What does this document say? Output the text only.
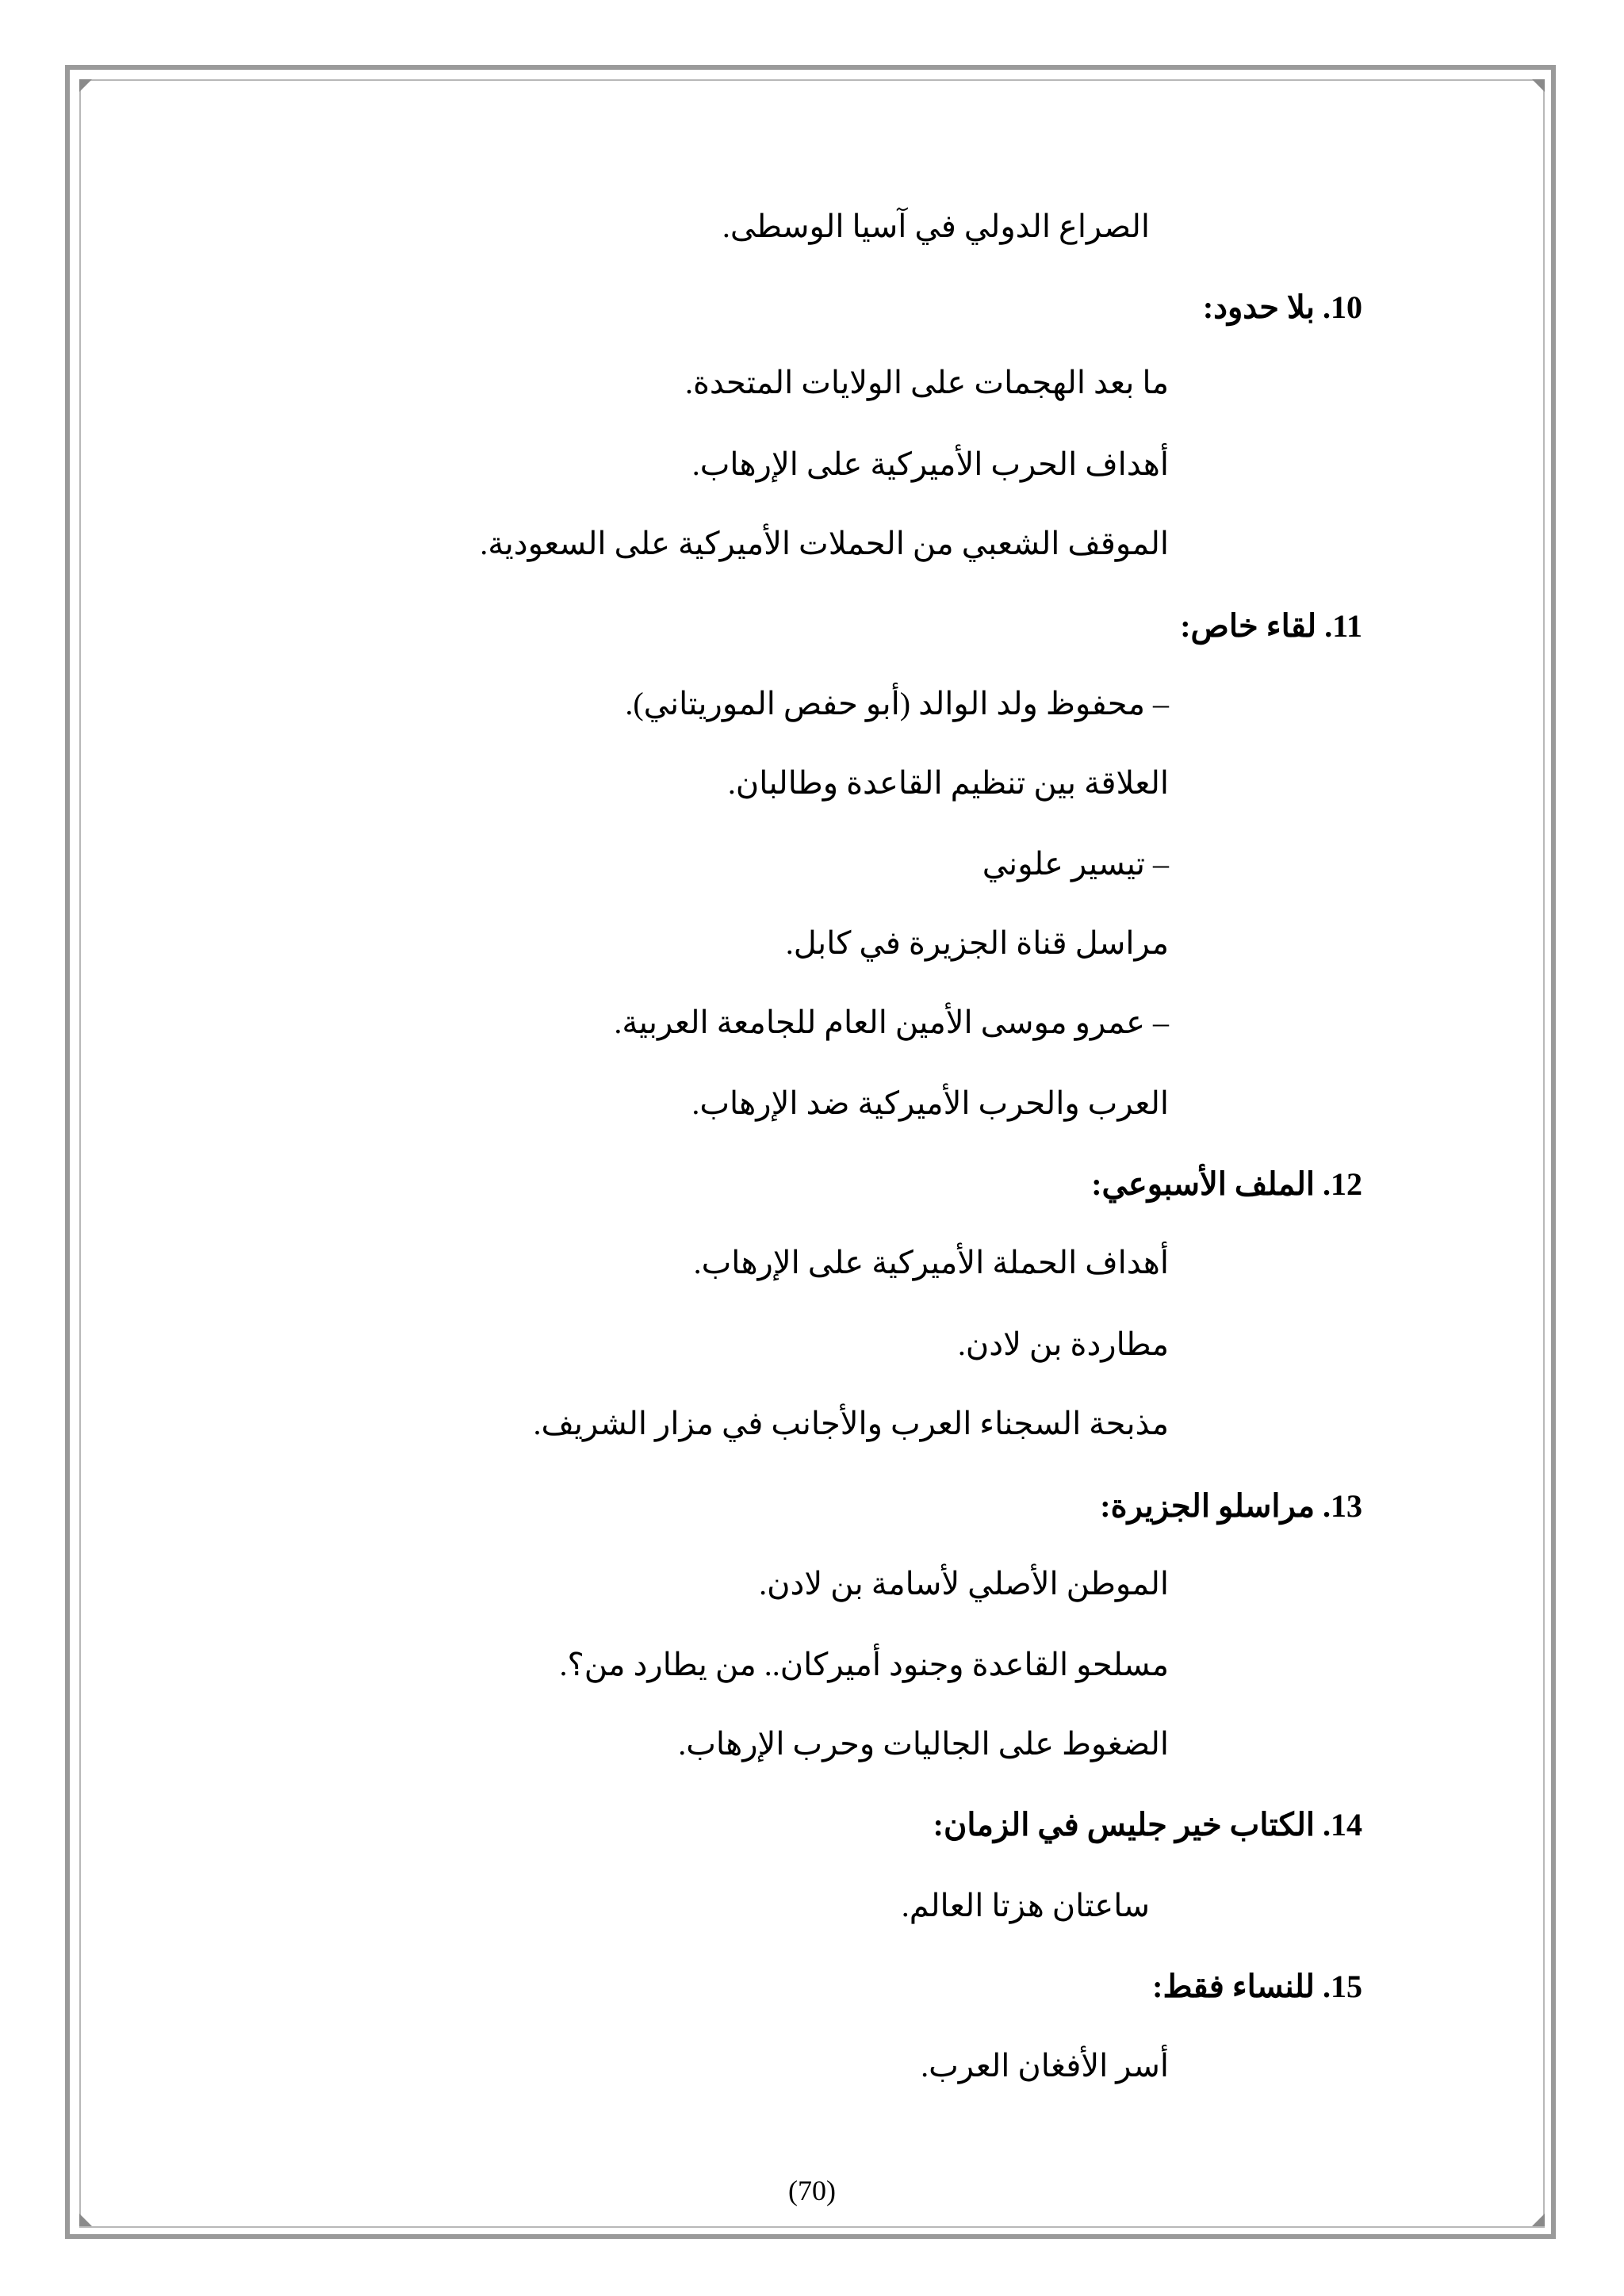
الصراع الدولي في آسيا الوسطى.

10. بلا حدود:

ما بعد الهجمات على الولايات المتحدة.

أهداف الحرب الأميركية على الإرهاب.

الموقف الشعبي من الحملات الأميركية على السعودية.

11. لقاء خاص:

– محفوظ ولد الوالد (أبو حفص الموريتاني).

العلاقة بين تنظيم القاعدة وطالبان.

– تيسير علوني

مراسل قناة الجزيرة في كابل.

– عمرو موسى الأمين العام للجامعة العربية.

العرب والحرب الأميركية ضد الإرهاب.

12. الملف الأسبوعي:

أهداف الحملة الأميركية على الإرهاب.

مطاردة بن لادن.

مذبحة السجناء العرب والأجانب في مزار الشريف.

13. مراسلو الجزيرة:

الموطن الأصلي لأسامة بن لادن.

مسلحو القاعدة وجنود أميركان.. من يطارد من؟.

الضغوط على الجاليات وحرب الإرهاب.

14. الكتاب خير جليس في الزمان:

ساعتان هزتا العالم.

15. للنساء فقط:

أسر الأفغان العرب.

(70)
